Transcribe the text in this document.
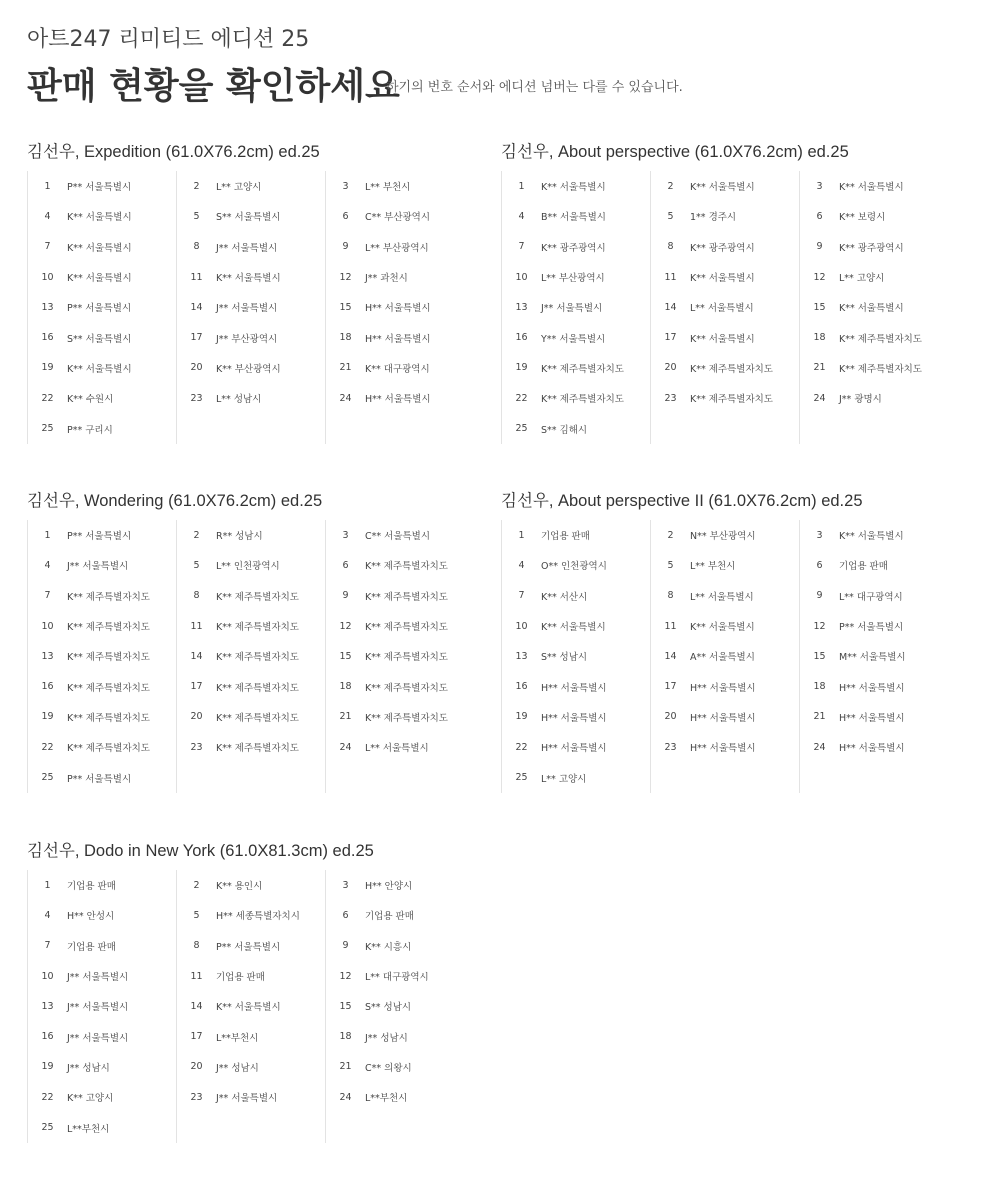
아트247 리미티드 에디션 25
판매 현황을 확인하세요
하기의 번호 순서와 에디션 넘버는 다를 수 있습니다.
김선우, Expedition (61.0X76.2cm) ed.25
1	P** 서울특별시
4	K** 서울특별시
7	K** 서울특별시
10	K** 서울특별시
13	P** 서울특별시
16	S** 서울특별시
19	K** 서울특별시
22	K** 수원시
25	P** 구리시
2	L** 고양시
5	S** 서울특별시
8	J** 서울특별시
11	K** 서울특별시
14	J** 서울특별시
17	J** 부산광역시
20	K** 부산광역시
23	L** 성남시
3	L** 부천시
6	C** 부산광역시
9	L** 부산광역시
12	J** 과천시
15	H** 서울특별시
18	H** 서울특별시
21	K** 대구광역시
24	H** 서울특별시
김선우, About perspective (61.0X76.2cm) ed.25
1	K** 서울특별시
4	B** 서울특별시
7	K** 광주광역시
10	L** 부산광역시
13	J** 서울특별시
16	Y** 서울특별시
19	K** 제주특별자치도
22	K** 제주특별자치도
25	S** 김해시
2	K** 서울특별시
5	1** 경주시
8	K** 광주광역시
11	K** 서울특별시
14	L** 서울특별시
17	K** 서울특별시
20	K** 제주특별자치도
23	K** 제주특별자치도
3	K** 서울특별시
6	K** 보령시
9	K** 광주광역시
12	L** 고양시
15	K** 서울특별시
18	K** 제주특별자치도
21	K** 제주특별자치도
24	J** 광명시
김선우, Wondering (61.0X76.2cm) ed.25
1	P** 서울특별시
4	J** 서울특별시
7	K** 제주특별자치도
10	K** 제주특별자치도
13	K** 제주특별자치도
16	K** 제주특별자치도
19	K** 제주특별자치도
22	K** 제주특별자치도
25	P** 서울특별시
2	R** 성남시
5	L** 인천광역시
8	K** 제주특별자치도
11	K** 제주특별자치도
14	K** 제주특별자치도
17	K** 제주특별자치도
20	K** 제주특별자치도
23	K** 제주특별자치도
3	C** 서울특별시
6	K** 제주특별자치도
9	K** 제주특별자치도
12	K** 제주특별자치도
15	K** 제주특별자치도
18	K** 제주특별자치도
21	K** 제주특별자치도
24	L** 서울특별시
김선우, About perspective II (61.0X76.2cm) ed.25
1	기업용 판매
4	O** 인천광역시
7	K** 서산시
10	K** 서울특별시
13	S** 성남시
16	H** 서울특별시
19	H** 서울특별시
22	H** 서울특별시
25	L** 고양시
2	N** 부산광역시
5	L** 부천시
8	L** 서울특별시
11	K** 서울특별시
14	A** 서울특별시
17	H** 서울특별시
20	H** 서울특별시
23	H** 서울특별시
3	K** 서울특별시
6	기업용 판매
9	L** 대구광역시
12	P** 서울특별시
15	M** 서울특별시
18	H** 서울특별시
21	H** 서울특별시
24	H** 서울특별시
김선우, Dodo in New York (61.0X81.3cm) ed.25
1	기업용 판매
4	H** 안성시
7	기업용 판매
10	J** 서울특별시
13	J** 서울특별시
16	J** 서울특별시
19	J** 성남시
22	K** 고양시
25	L**부천시
2	K** 용인시
5	H** 세종특별자치시
8	P** 서울특별시
11	기업용 판매
14	K** 서울특별시
17	L**부천시
20	J** 성남시
23	J** 서울특별시
3	H** 안양시
6	기업용 판매
9	K** 시흥시
12	L** 대구광역시
15	S** 성남시
18	J** 성남시
21	C** 의왕시
24	L**부천시
